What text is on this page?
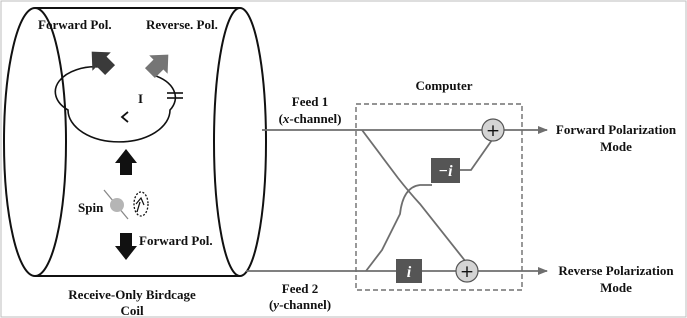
Forward Pol.	Reverse. Pol.
I
Spin
Forward Pol.
Receive-Only Birdcage
Coil
Feed 1
(x-channel)
Feed 2
(y-channel)
Computer
−i
i
+
+
Forward Polarization
Mode
Reverse Polarization
Mode
